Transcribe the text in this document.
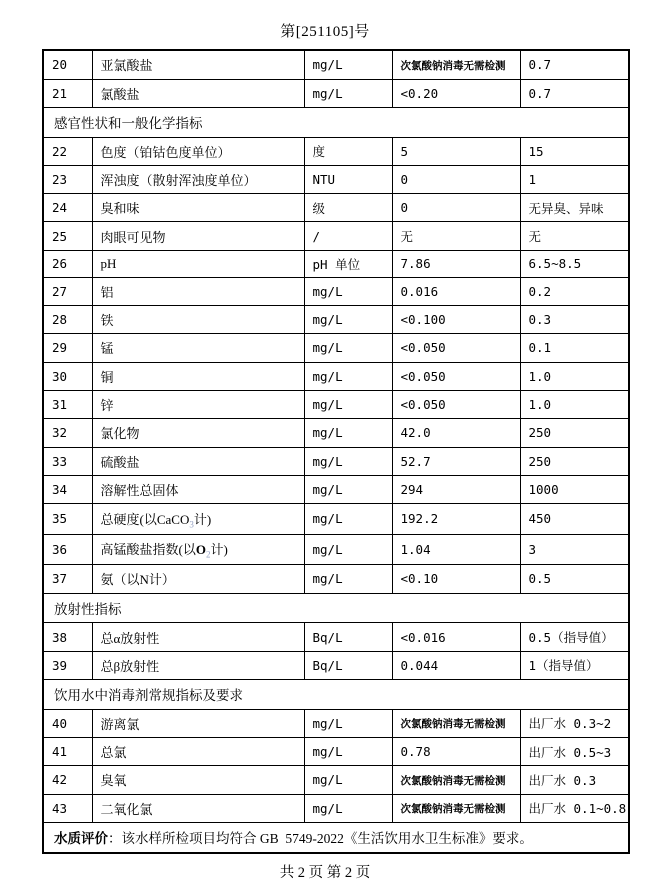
第[251105]号
20	亚氯酸盐	mg/L	次氯酸钠消毒无需检测	0.7
21	氯酸盐	mg/L	<0.20	0.7
感官性状和一般化学指标				
22	色度（铂钴色度单位）	度	5	15
23	浑浊度（散射浑浊度单位）	NTU	0	1
24	臭和味	级	0	无异臭、异味
25	肉眼可见物	/	无	无
26	pH	pH 单位	7.86	6.5~8.5
27	铝	mg/L	0.016	0.2
28	铁	mg/L	<0.100	0.3
29	锰	mg/L	<0.050	0.1
30	铜	mg/L	<0.050	1.0
31	锌	mg/L	<0.050	1.0
32	氯化物	mg/L	42.0	250
33	硫酸盐	mg/L	52.7	250
34	溶解性总固体	mg/L	294	1000
35	总硬度(以CaCO$_3$计)	mg/L	192.2	450
36	高锰酸盐指数(以$O_2$计)	mg/L	1.04	3
37	氨（以N计）	mg/L	<0.10	0.5
放射性指标				
38	总α放射性	Bq/L	<0.016	0.5（指导值）
39	总β放射性	Bq/L	0.044	1（指导值）
饮用水中消毒剂常规指标及要求				
40	游离氯	mg/L	次氯酸钠消毒无需检测	出厂水 0.3~2
41	总氯	mg/L	0.78	出厂水 0.5~3
42	臭氧	mg/L	次氯酸钠消毒无需检测	出厂水 0.3
43	二氧化氯	mg/L	次氯酸钠消毒无需检测	出厂水 0.1~0.8
水质评价：该水样所检项目均符合 GB  5749-2022《生活饮用水卫生标准》要求。				
共 2 页 第 2 页
